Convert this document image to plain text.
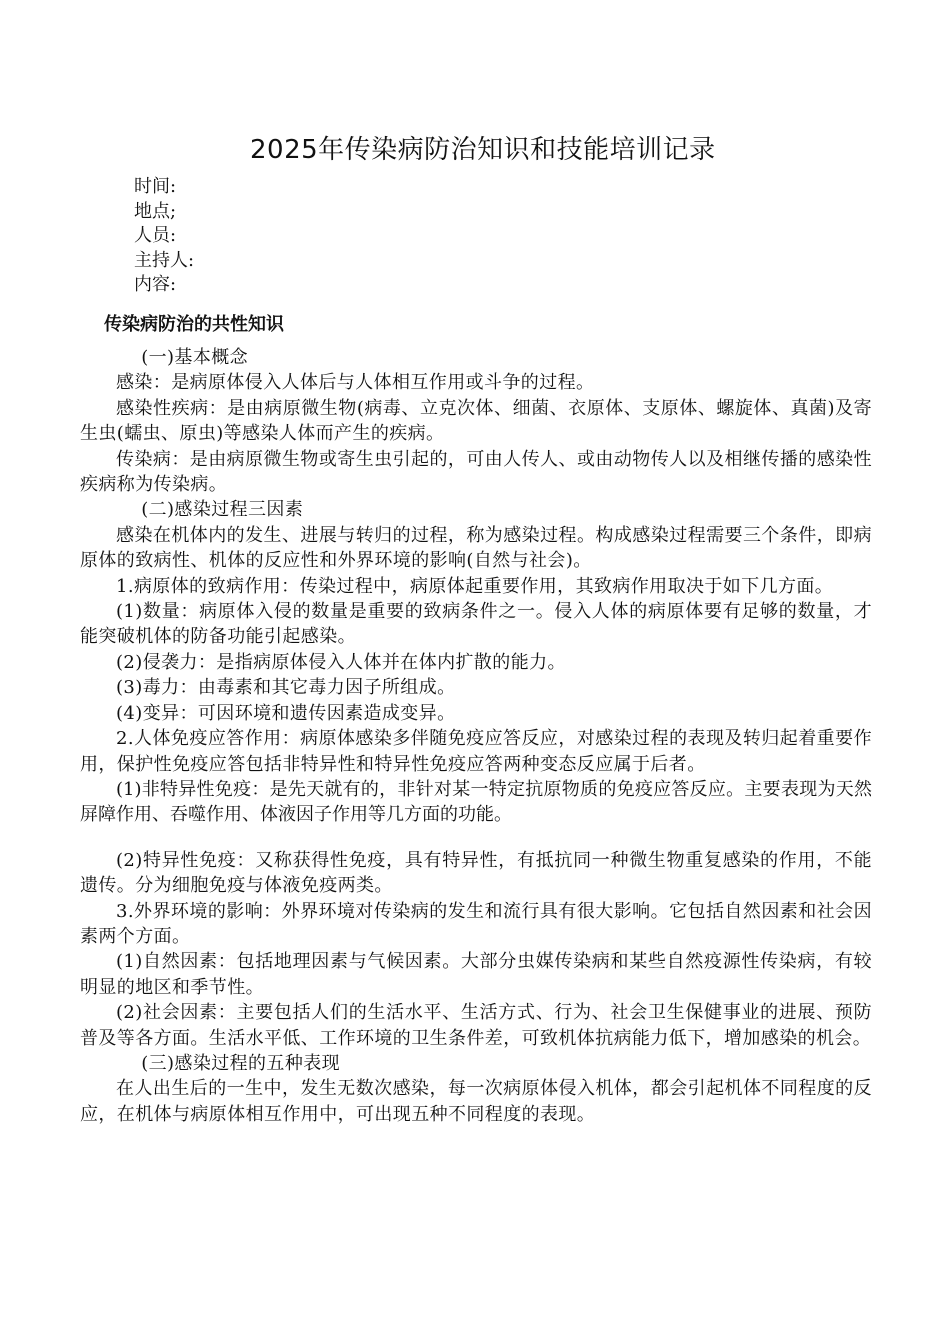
2025年传染病防治知识和技能培训记录
时间:
地点;
人员:
主持人:
内容:
传染病防治的共性知识

(一)基本概念

感染：是病原体侵入人体后与人体相互作用或斗争的过程。

感染性疾病：是由病原微生物(病毒、立克次体、细菌、衣原体、支原体、螺旋体、真菌)及寄生虫(蠕虫、原虫)等感染人体而产生的疾病。

传染病：是由病原微生物或寄生虫引起的，可由人传人、或由动物传人以及相继传播的感染性疾病称为传染病。

(二)感染过程三因素

感染在机体内的发生、进展与转归的过程，称为感染过程。构成感染过程需要三个条件，即病原体的致病性、机体的反应性和外界环境的影响(自然与社会)。

1.病原体的致病作用：传染过程中，病原体起重要作用，其致病作用取决于如下几方面。

(1)数量：病原体入侵的数量是重要的致病条件之一。侵入人体的病原体要有足够的数量，才能突破机体的防备功能引起感染。

(2)侵袭力：是指病原体侵入人体并在体内扩散的能力。

(3)毒力：由毒素和其它毒力因子所组成。

(4)变异：可因环境和遗传因素造成变异。

2.人体免疫应答作用：病原体感染多伴随免疫应答反应，对感染过程的表现及转归起着重要作用，保护性免疫应答包括非特异性和特异性免疫应答两种变态反应属于后者。

(1)非特异性免疫：是先天就有的，非针对某一特定抗原物质的免疫应答反应。主要表现为天然屏障作用、吞噬作用、体液因子作用等几方面的功能。

(2)特异性免疫：又称获得性免疫，具有特异性，有抵抗同一种微生物重复感染的作用，不能遗传。分为细胞免疫与体液免疫两类。

3.外界环境的影响：外界环境对传染病的发生和流行具有很大影响。它包括自然因素和社会因素两个方面。

(1)自然因素：包括地理因素与气候因素。大部分虫媒传染病和某些自然疫源性传染病，有较明显的地区和季节性。

(2)社会因素：主要包括人们的生活水平、生活方式、行为、社会卫生保健事业的进展、预防普及等各方面。生活水平低、工作环境的卫生条件差，可致机体抗病能力低下，增加感染的机会。

(三)感染过程的五种表现

在人出生后的一生中，发生无数次感染，每一次病原体侵入机体，都会引起机体不同程度的反应，在机体与病原体相互作用中，可出现五种不同程度的表现。
